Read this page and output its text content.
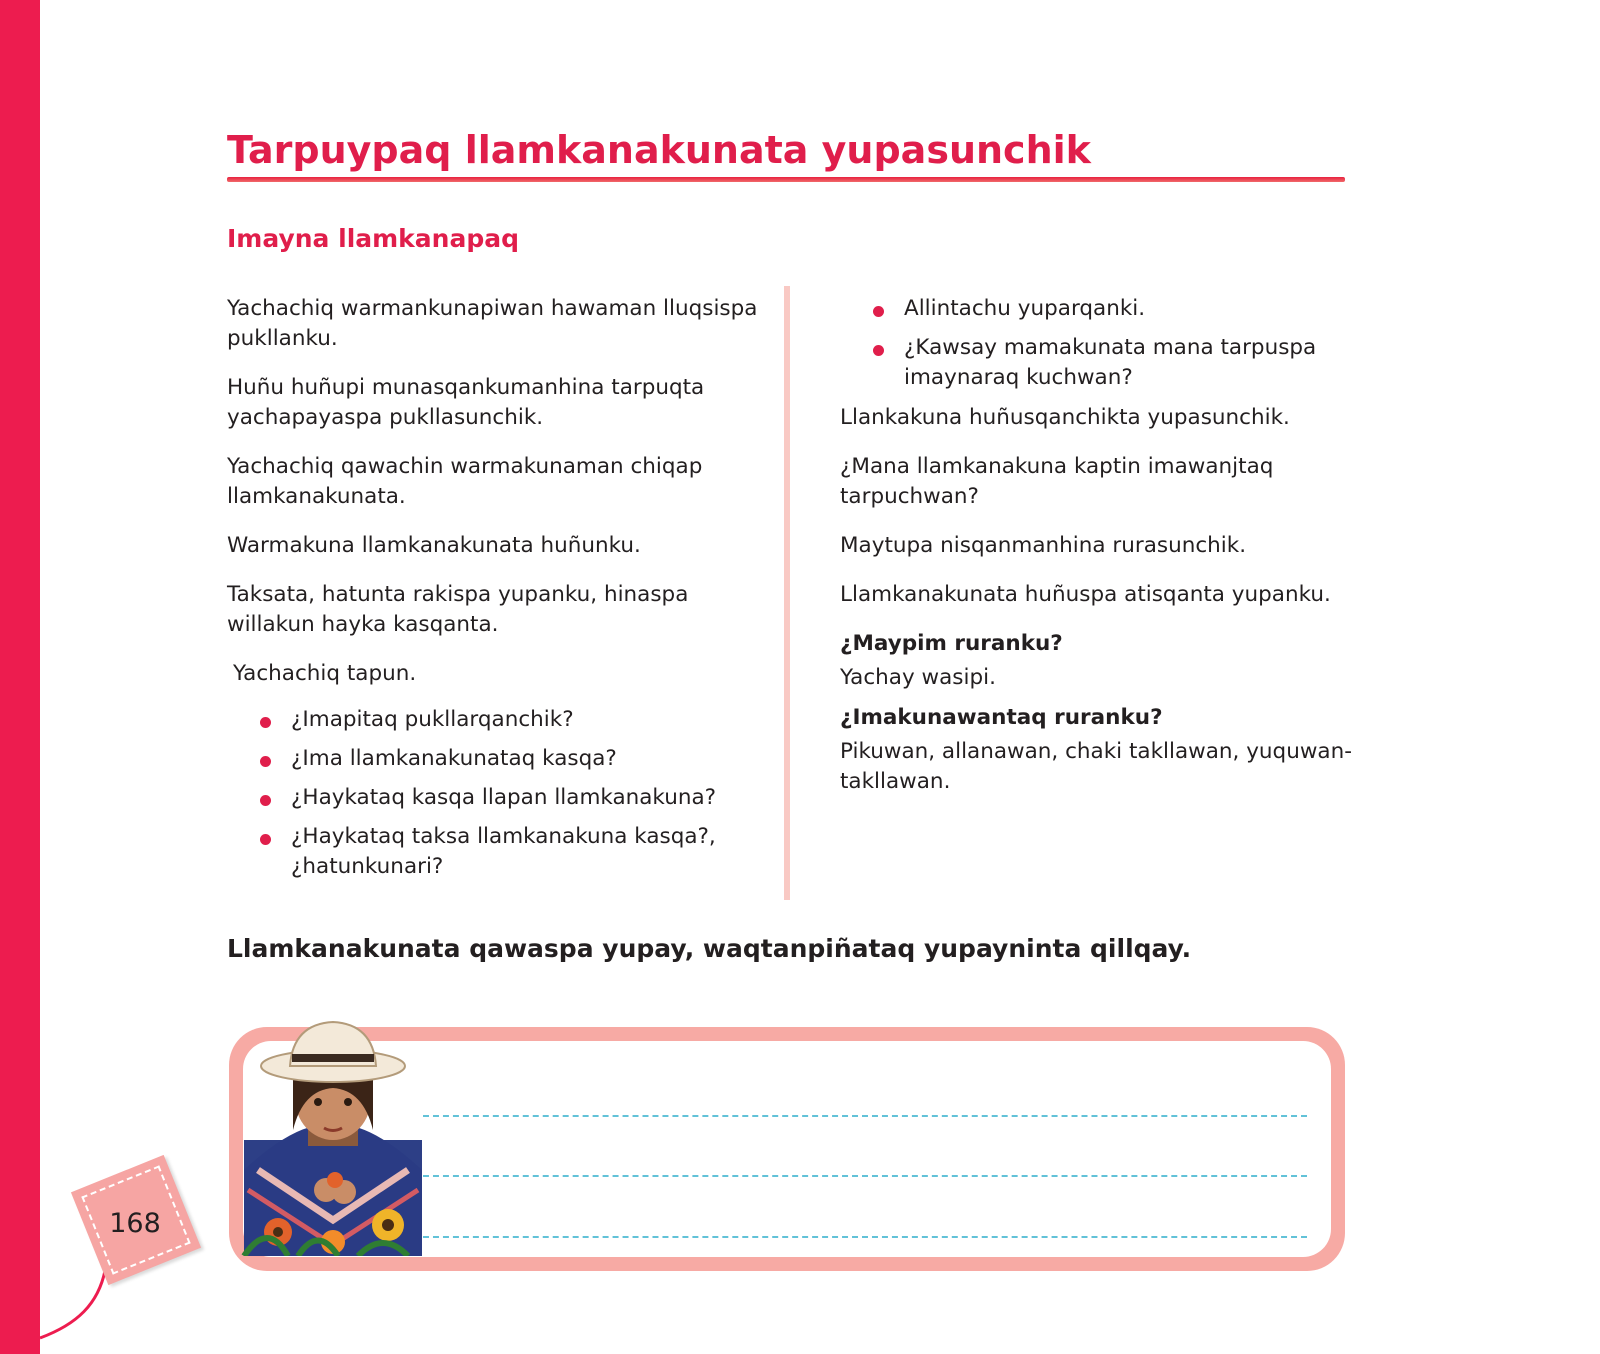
168
Tarpuypaq llamkanakunata yupasunchik
Imayna llamkanapaq

Yachachiq warmankunapiwan hawaman lluqsispa pukllanku.

Huñu huñupi munasqankumanhina tarpuqta yachapayaspa pukllasunchik.

Yachachiq qawachin warmakunaman chiqap llamkanakunata.

Warmakuna llamkanakunata huñunku.

Taksata, hatunta rakispa yupanku, hinaspa willakun hayka kasqanta.

Yachachiq tapun.

¿Imapitaq pukllarqanchik?
¿Ima llamkanakunataq kasqa?
¿Haykataq kasqa llapan llamkanakuna?
¿Haykataq taksa llamkanakuna kasqa?, ¿hatunkunari?
Allintachu yuparqanki.
¿Kawsay mamakunata mana tarpuspa imaynaraq kuchwan?

Llankakuna huñusqanchikta yupasunchik.

¿Mana llamkanakuna kaptin imawanjtaq tarpuchwan?

Maytupa nisqanmanhina rurasunchik.

Llamkanakunata huñuspa atisqanta yupanku.

¿Maypim ruranku?

Yachay wasipi.

¿Imakunawantaq ruranku?

Pikuwan, allanawan, chaki takllawan, yuquwan-takllawan.

Llamkanakunata qawaspa yupay, waqtanpiñataq yupayninta qillqay.
